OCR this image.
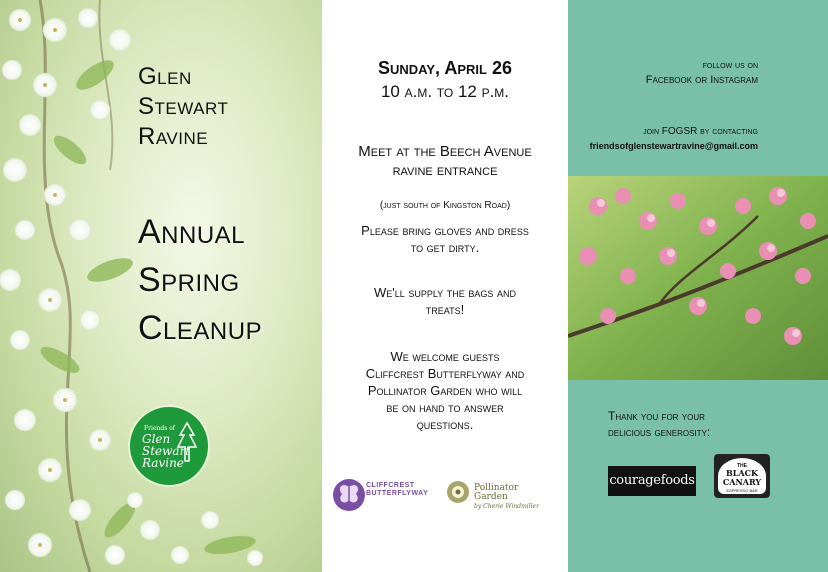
Glen
Stewart
Ravine
Annual
Spring
Cleanup
Friends of
Glen
Stewart
Ravine
Sunday, April 26
10 a.m. to 12 p.m.
Meet at the Beech Avenue ravine entrance
(just south of Kingston Road)
Please bring gloves and dress to get dirty.
We'll supply the bags and treats!
We welcome guests Cliffcrest Butterflyway and Pollinator Garden who will be on hand to answer questions.
CLIFFCREST
BUTTERFLYWAY
Pollinator Garden
by Cherie Windmiller
follow us on
Facebook or Instagram
join FOGSR by contacting
friendsofglenstewartravine@gmail.com
Thank you for your
delicious generosity:
couragefoods
THE
BLACK CANARY
ESPRESSO BAR
